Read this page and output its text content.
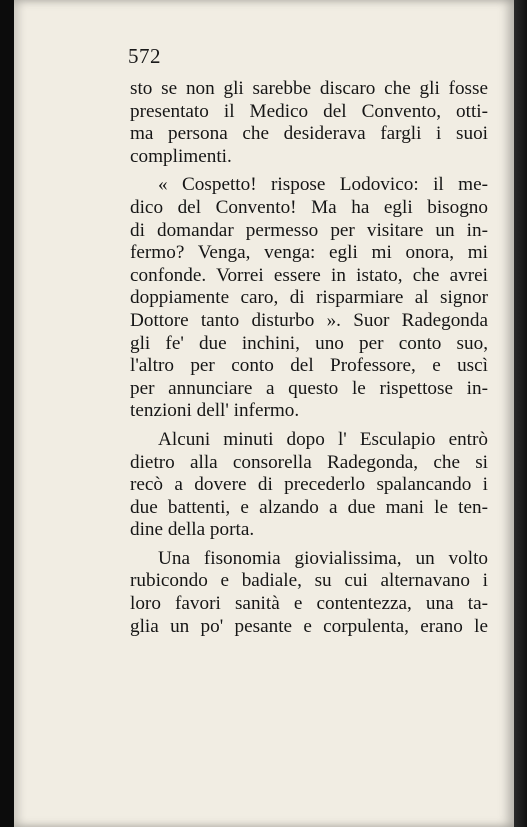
572
sto se non gli sarebbe discaro che gli fosse
presentato il Medico del Convento, otti-
ma persona che desiderava fargli i suoi
complimenti.
« Cospetto! rispose Lodovico: il me-
dico del Convento! Ma ha egli bisogno
di domandar permesso per visitare un in-
fermo? Venga, venga: egli mi onora, mi
confonde. Vorrei essere in istato, che avrei
doppiamente caro, di risparmiare al signor
Dottore tanto disturbo ». Suor Radegonda
gli fe' due inchini, uno per conto suo,
l'altro per conto del Professore, e uscì
per annunciare a questo le rispettose in-
tenzioni dell' infermo.
Alcuni minuti dopo l' Esculapio entrò
dietro alla consorella Radegonda, che si
recò a dovere di precederlo spalancando i
due battenti, e alzando a due mani le ten-
dine della porta.
Una fisonomia giovialissima, un volto
rubicondo e badiale, su cui alternavano i
loro favori sanità e contentezza, una ta-
glia un po' pesante e corpulenta, erano le
